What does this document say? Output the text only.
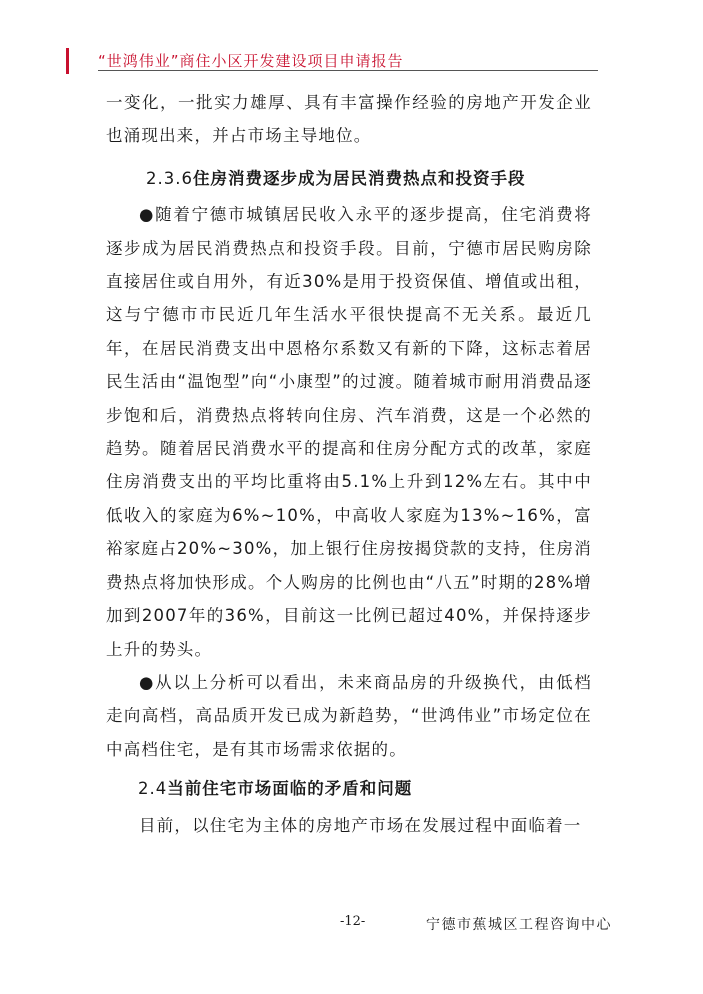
“世鸿伟业”商住小区开发建设项目申请报告

一变化，一批实力雄厚、具有丰富操作经验的房地产开发企业也涌现出来，并占市场主导地位。

2.3.6住房消费逐步成为居民消费热点和投资手段

●随着宁德市城镇居民收入永平的逐步提高，住宅消费将逐步成为居民消费热点和投资手段。目前，宁德市居民购房除直接居住或自用外，有近30%是用于投资保值、增值或出租，这与宁德市市民近几年生活水平很快提高不无关系。最近几年，在居民消费支出中恩格尔系数又有新的下降，这标志着居民生活由“温饱型”向“小康型”的过渡。随着城市耐用消费品逐步饱和后，消费热点将转向住房、汽车消费，这是一个必然的趋势。随着居民消费水平的提高和住房分配方式的改革，家庭住房消费支出的平均比重将由5.1%上升到12%左右。其中中低收入的家庭为6%~10%，中高收人家庭为13%~16%，富裕家庭占20%~30%，加上银行住房按揭贷款的支持，住房消费热点将加快形成。个人购房的比例也由“八五”时期的28%增加到2007年的36%，目前这一比例已超过40%，并保持逐步上升的势头。

●从以上分析可以看出，未来商品房的升级换代，由低档走向高档，高品质开发已成为新趋势，“世鸿伟业”市场定位在中高档住宅，是有其市场需求依据的。

2.4当前住宅市场面临的矛盾和问题

目前，以住宅为主体的房地产市场在发展过程中面临着一

-12-	宁德市蕉城区工程咨询中心
